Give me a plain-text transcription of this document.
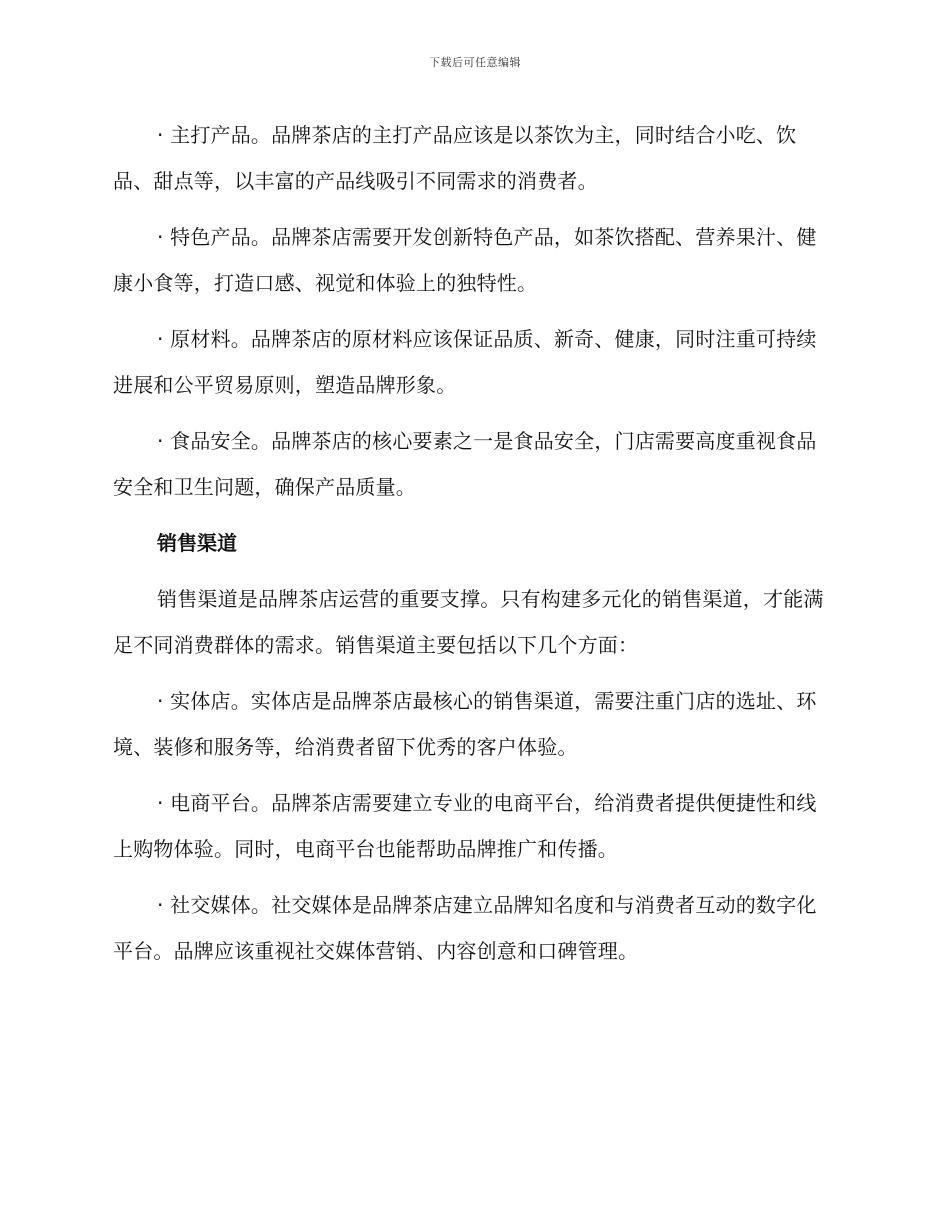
下载后可任意编辑

· 主打产品。品牌茶店的主打产品应该是以茶饮为主，同时结合小吃、饮品、甜点等，以丰富的产品线吸引不同需求的消费者。

· 特色产品。品牌茶店需要开发创新特色产品，如茶饮搭配、营养果汁、健康小食等，打造口感、视觉和体验上的独特性。

· 原材料。品牌茶店的原材料应该保证品质、新奇、健康，同时注重可持续进展和公平贸易原则，塑造品牌形象。

· 食品安全。品牌茶店的核心要素之一是食品安全，门店需要高度重视食品安全和卫生问题，确保产品质量。

销售渠道

销售渠道是品牌茶店运营的重要支撑。只有构建多元化的销售渠道，才能满足不同消费群体的需求。销售渠道主要包括以下几个方面：

· 实体店。实体店是品牌茶店最核心的销售渠道，需要注重门店的选址、环境、装修和服务等，给消费者留下优秀的客户体验。

· 电商平台。品牌茶店需要建立专业的电商平台，给消费者提供便捷性和线上购物体验。同时，电商平台也能帮助品牌推广和传播。

· 社交媒体。社交媒体是品牌茶店建立品牌知名度和与消费者互动的数字化平台。品牌应该重视社交媒体营销、内容创意和口碑管理。
